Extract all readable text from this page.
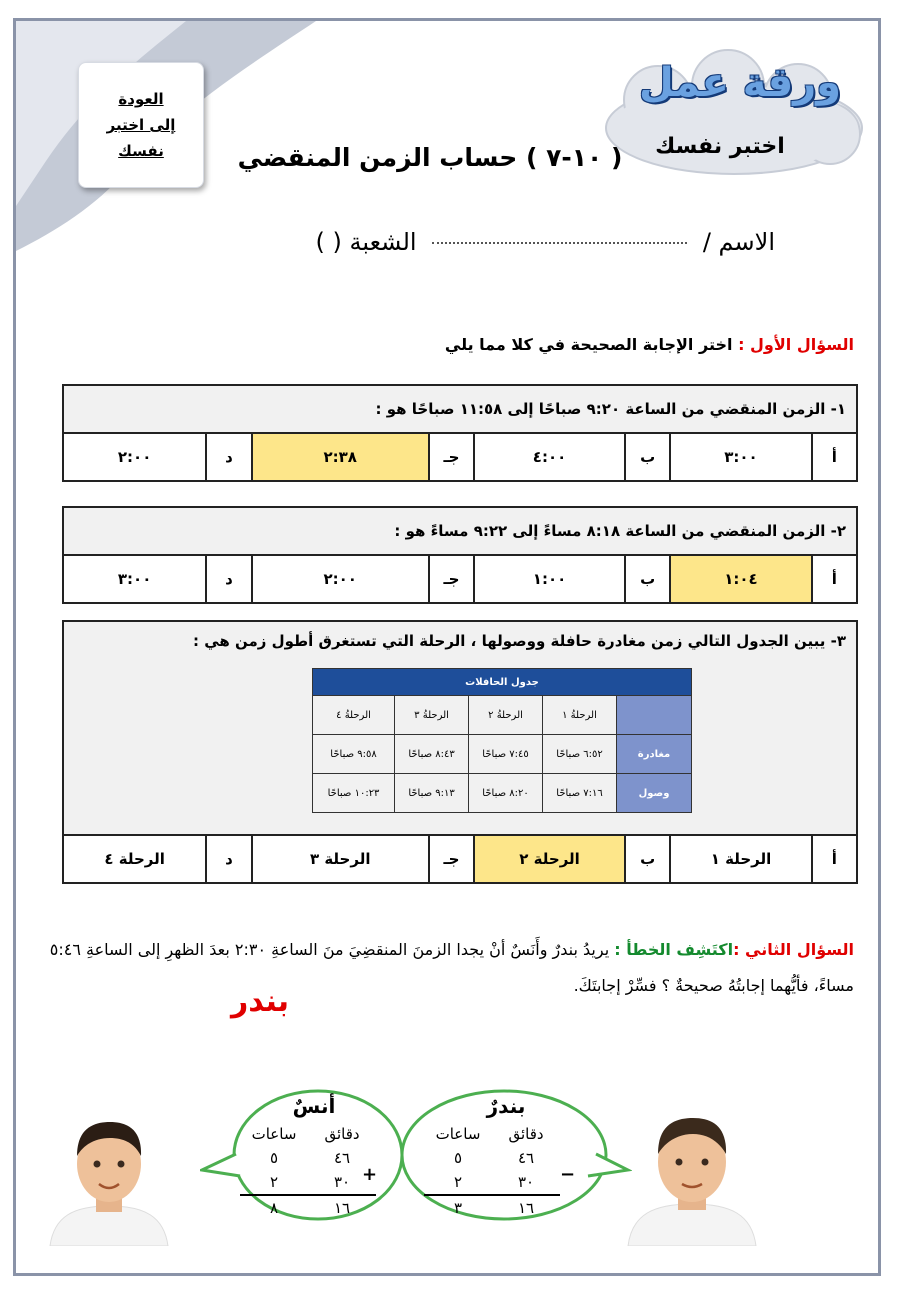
العودة
إلى اختبر
نفسك
ورقة عمل
اختبر نفسك
( ١٠-٧ ) حساب الزمن المنقضي
الاسم /  الشعبة ( )
السؤال الأول : اختر الإجابة الصحيحة في كلا مما يلي
١- الزمن المنقضي من الساعة ٩:٢٠ صباحًا إلى ١١:٥٨ صباحًا هو :
أ
٣:٠٠
ب
٤:٠٠
جـ
٢:٣٨
د
٢:٠٠
٢- الزمن المنقضي من الساعة ٨:١٨ مساءً إلى ٩:٢٢ مساءً هو :
أ
١:٠٤
ب
١:٠٠
جـ
٢:٠٠
د
٣:٠٠
٣- يبين الجدول التالي زمن مغادرة حافلة ووصولها ، الرحلة التي تستغرق أطول زمن هي :
أ
الرحلة ١
ب
الرحلة ٢
جـ
الرحلة ٣
د
الرحلة ٤
جدول الحافلات				
	الرحلةُ ١	الرحلةُ ٢	الرحلةُ ٣	الرحلةُ ٤
مغادرة	٦:٥٢ صباحًا	٧:٤٥ صباحًا	٨:٤٣ صباحًا	٩:٥٨ صباحًا
وصول	٧:١٦ صباحًا	٨:٢٠ صباحًا	٩:١٣ صباحًا	١٠:٢٣ صباحًا
السؤال الثاني :اكتَشِف الخطأ : يريدُ بندرٌ وأَنَسٌ أنْ يجدا الزمنَ المنقضِيَ منَ الساعةِ ٢:٣٠ بعدَ الظهرِ إلى الساعةِ ٥:٤٦ مساءً، فأيُّهما إجابتُهُ صحيحةٌ ؟ فسِّرْ إجابتَكَ.
بندر
بندرٌ
دقائق	ساعات
٤٦	٥
٣٠	٢
١٦	٣
−
أنسٌ
دقائق	ساعات
٤٦	٥
٣٠	٢
١٦	٨
+
